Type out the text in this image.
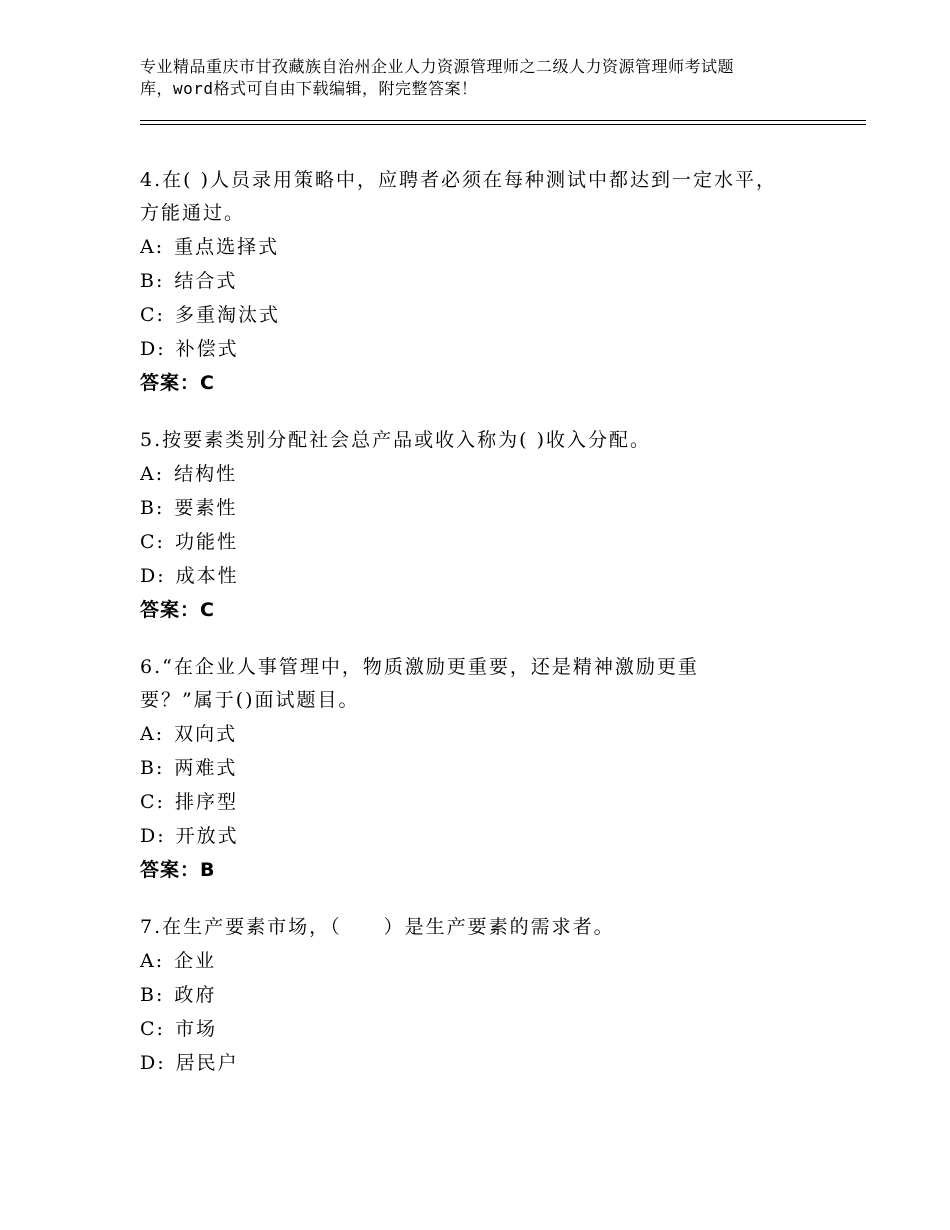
专业精品重庆市甘孜藏族自治州企业人力资源管理师之二级人力资源管理师考试题
库，word格式可自由下载编辑，附完整答案！
4.在( )人员录用策略中，应聘者必须在每种测试中都达到一定水平，
方能通过。
A: 重点选择式
B: 结合式
C: 多重淘汰式
D: 补偿式
答案：C
5.按要素类别分配社会总产品或收入称为( )收入分配。
A: 结构性
B: 要素性
C: 功能性
D: 成本性
答案：C
6.“在企业人事管理中，物质激励更重要，还是精神激励更重
要？”属于()面试题目。
A: 双向式
B: 两难式
C: 排序型
D: 开放式
答案：B
7.在生产要素市场，（　　）是生产要素的需求者。
A: 企业
B: 政府
C: 市场
D: 居民户
